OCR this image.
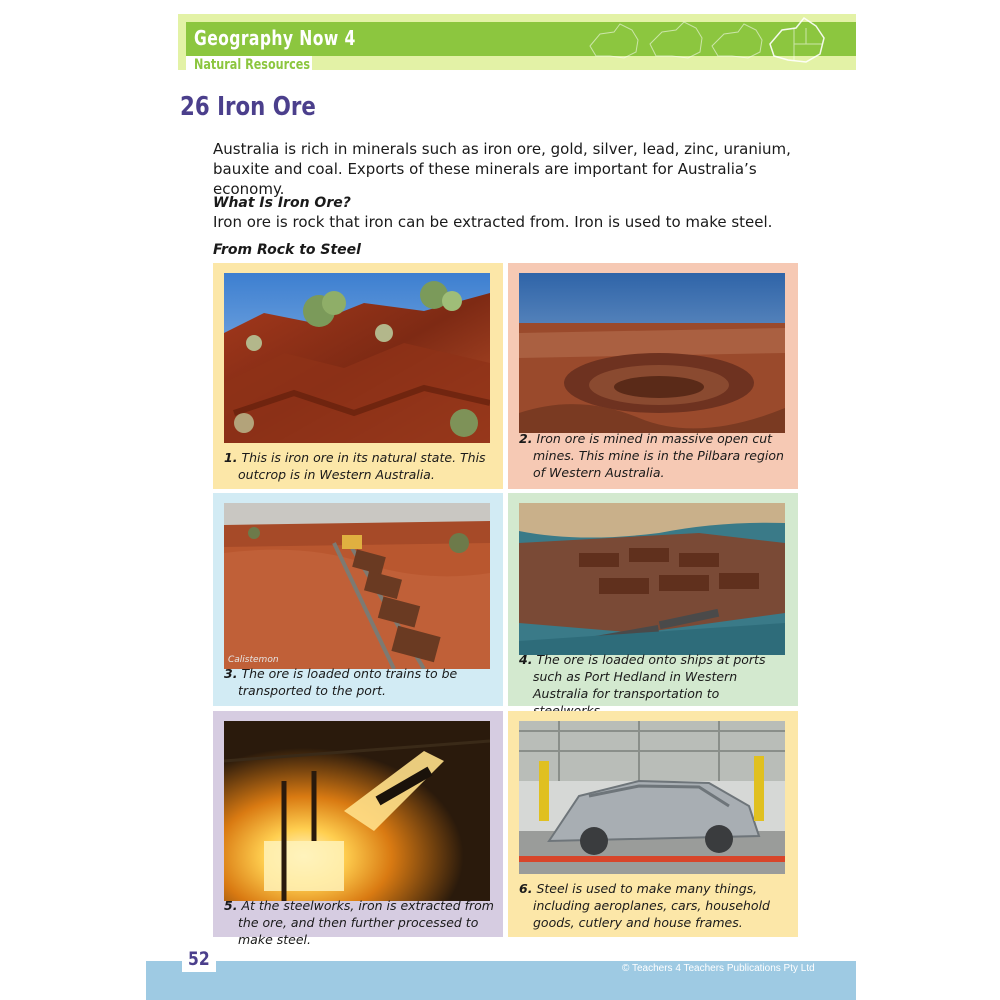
Geography Now 4
Natural Resources
26 Iron Ore
Australia is rich in minerals such as iron ore, gold, silver, lead, zinc, uranium, bauxite and coal. Exports of these minerals are important for Australia’s economy.
What Is Iron Ore?
Iron ore is rock that iron can be extracted from. Iron is used to make steel.
From Rock to Steel
1. This is iron ore in its natural state. This outcrop is in Western Australia.
2. Iron ore is mined in massive open cut mines. This mine is in the Pilbara region of Western Australia.
Calistemon
3. The ore is loaded onto trains to be transported to the port.
4. The ore is loaded onto ships at ports such as Port Hedland in Western Australia for transportation to
5. At the steelworks, iron is extracted from the ore, and then further processed to make steel.
6. Steel is used to make many things, including aeroplanes, cars, household goods, cutlery and house frames.
52	© Teachers 4 Teachers Publications Pty Ltd
